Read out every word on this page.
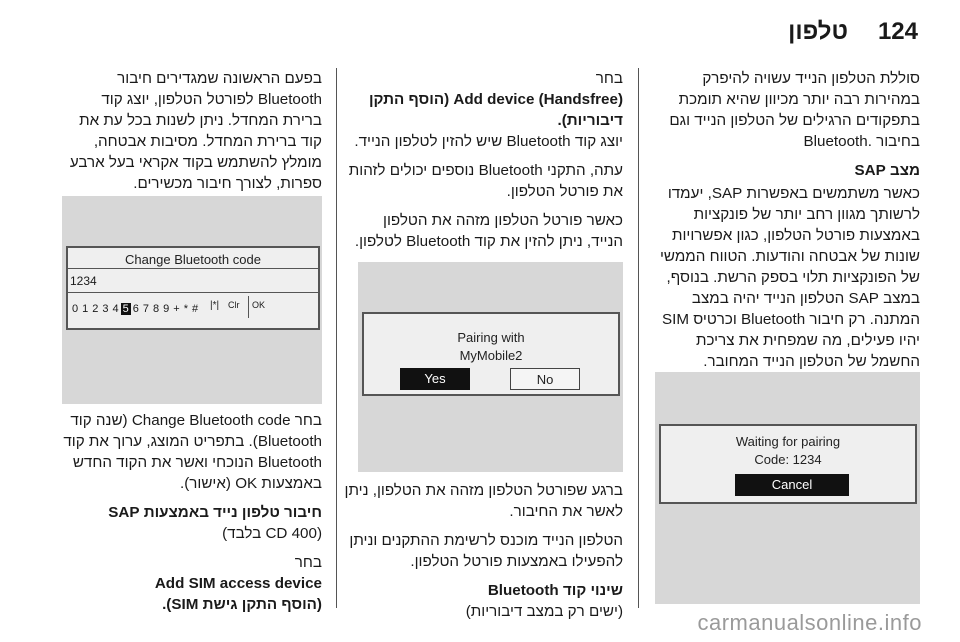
124
טלפון

סוללת הטלפון הנייד עשויה להיפרק במהירות רבה יותר מכיוון שהיא תומכת בתפקודים הרגילים של הטלפון הנייד וגם בחיבור .Bluetooth

מצב SAP

כאשר משתמשים באפשרות SAP, יעמדו לרשותך מגוון רחב יותר של פונקציות באמצעות פורטל הטלפון, כגון אפשרויות שונות של אבטחה והודעות. הטווח הממשי של הפונקציות תלוי בספק הרשת. בנוסף, במצב SAP הטלפון הנייד יהיה במצב המתנה. רק חיבור Bluetooth וכרטיס SIM יהיו פעילים, מה שמפחית את צריכת החשמל של הטלפון הנייד המחובר.

Waiting for pairing
Code: 1234
Cancel

בחר

Add device (Handsfree) (הוסף התקן דיבוריות).

יוצג קוד Bluetooth שיש להזין לטלפון הנייד.

עתה, התקני Bluetooth נוספים יכולים לזהות את פורטל הטלפון.

כאשר פורטל הטלפון מזהה את הטלפון הנייד, ניתן להזין את קוד Bluetooth לטלפון.

Pairing with
MyMobile2
Yes	No

ברגע שפורטל הטלפון מזהה את הטלפון, ניתן לאשר את החיבור.

הטלפון הנייד מוכנס לרשימת ההתקנים וניתן להפעילו באמצעות פורטל הטלפון.

שינוי קוד Bluetooth

(ישים רק במצב דיבוריות)

בפעם הראשונה שמגדירים חיבור Bluetooth לפורטל הטלפון, יוצג קוד ברירת המחדל. ניתן לשנות בכל עת את קוד ברירת המחדל. מסיבות אבטחה, מומלץ להשתמש בקוד אקראי בעל ארבע ספרות, לצורך חיבור מכשירים.

Change Bluetooth code
1234
0 1 2 3 4 5 6 7 8 9 + * # |*| Clr OK

בחר Change Bluetooth code (שנה קוד Bluetooth). בתפריט המוצג, ערוך את קוד Bluetooth הנוכחי ואשר את הקוד החדש באמצעות OK (אישור).

חיבור טלפון נייד באמצעות SAP

(CD 400 בלבד)

בחר

Add SIM access device

(הוסף התקן גישת SIM).

carmanualsonline.info
